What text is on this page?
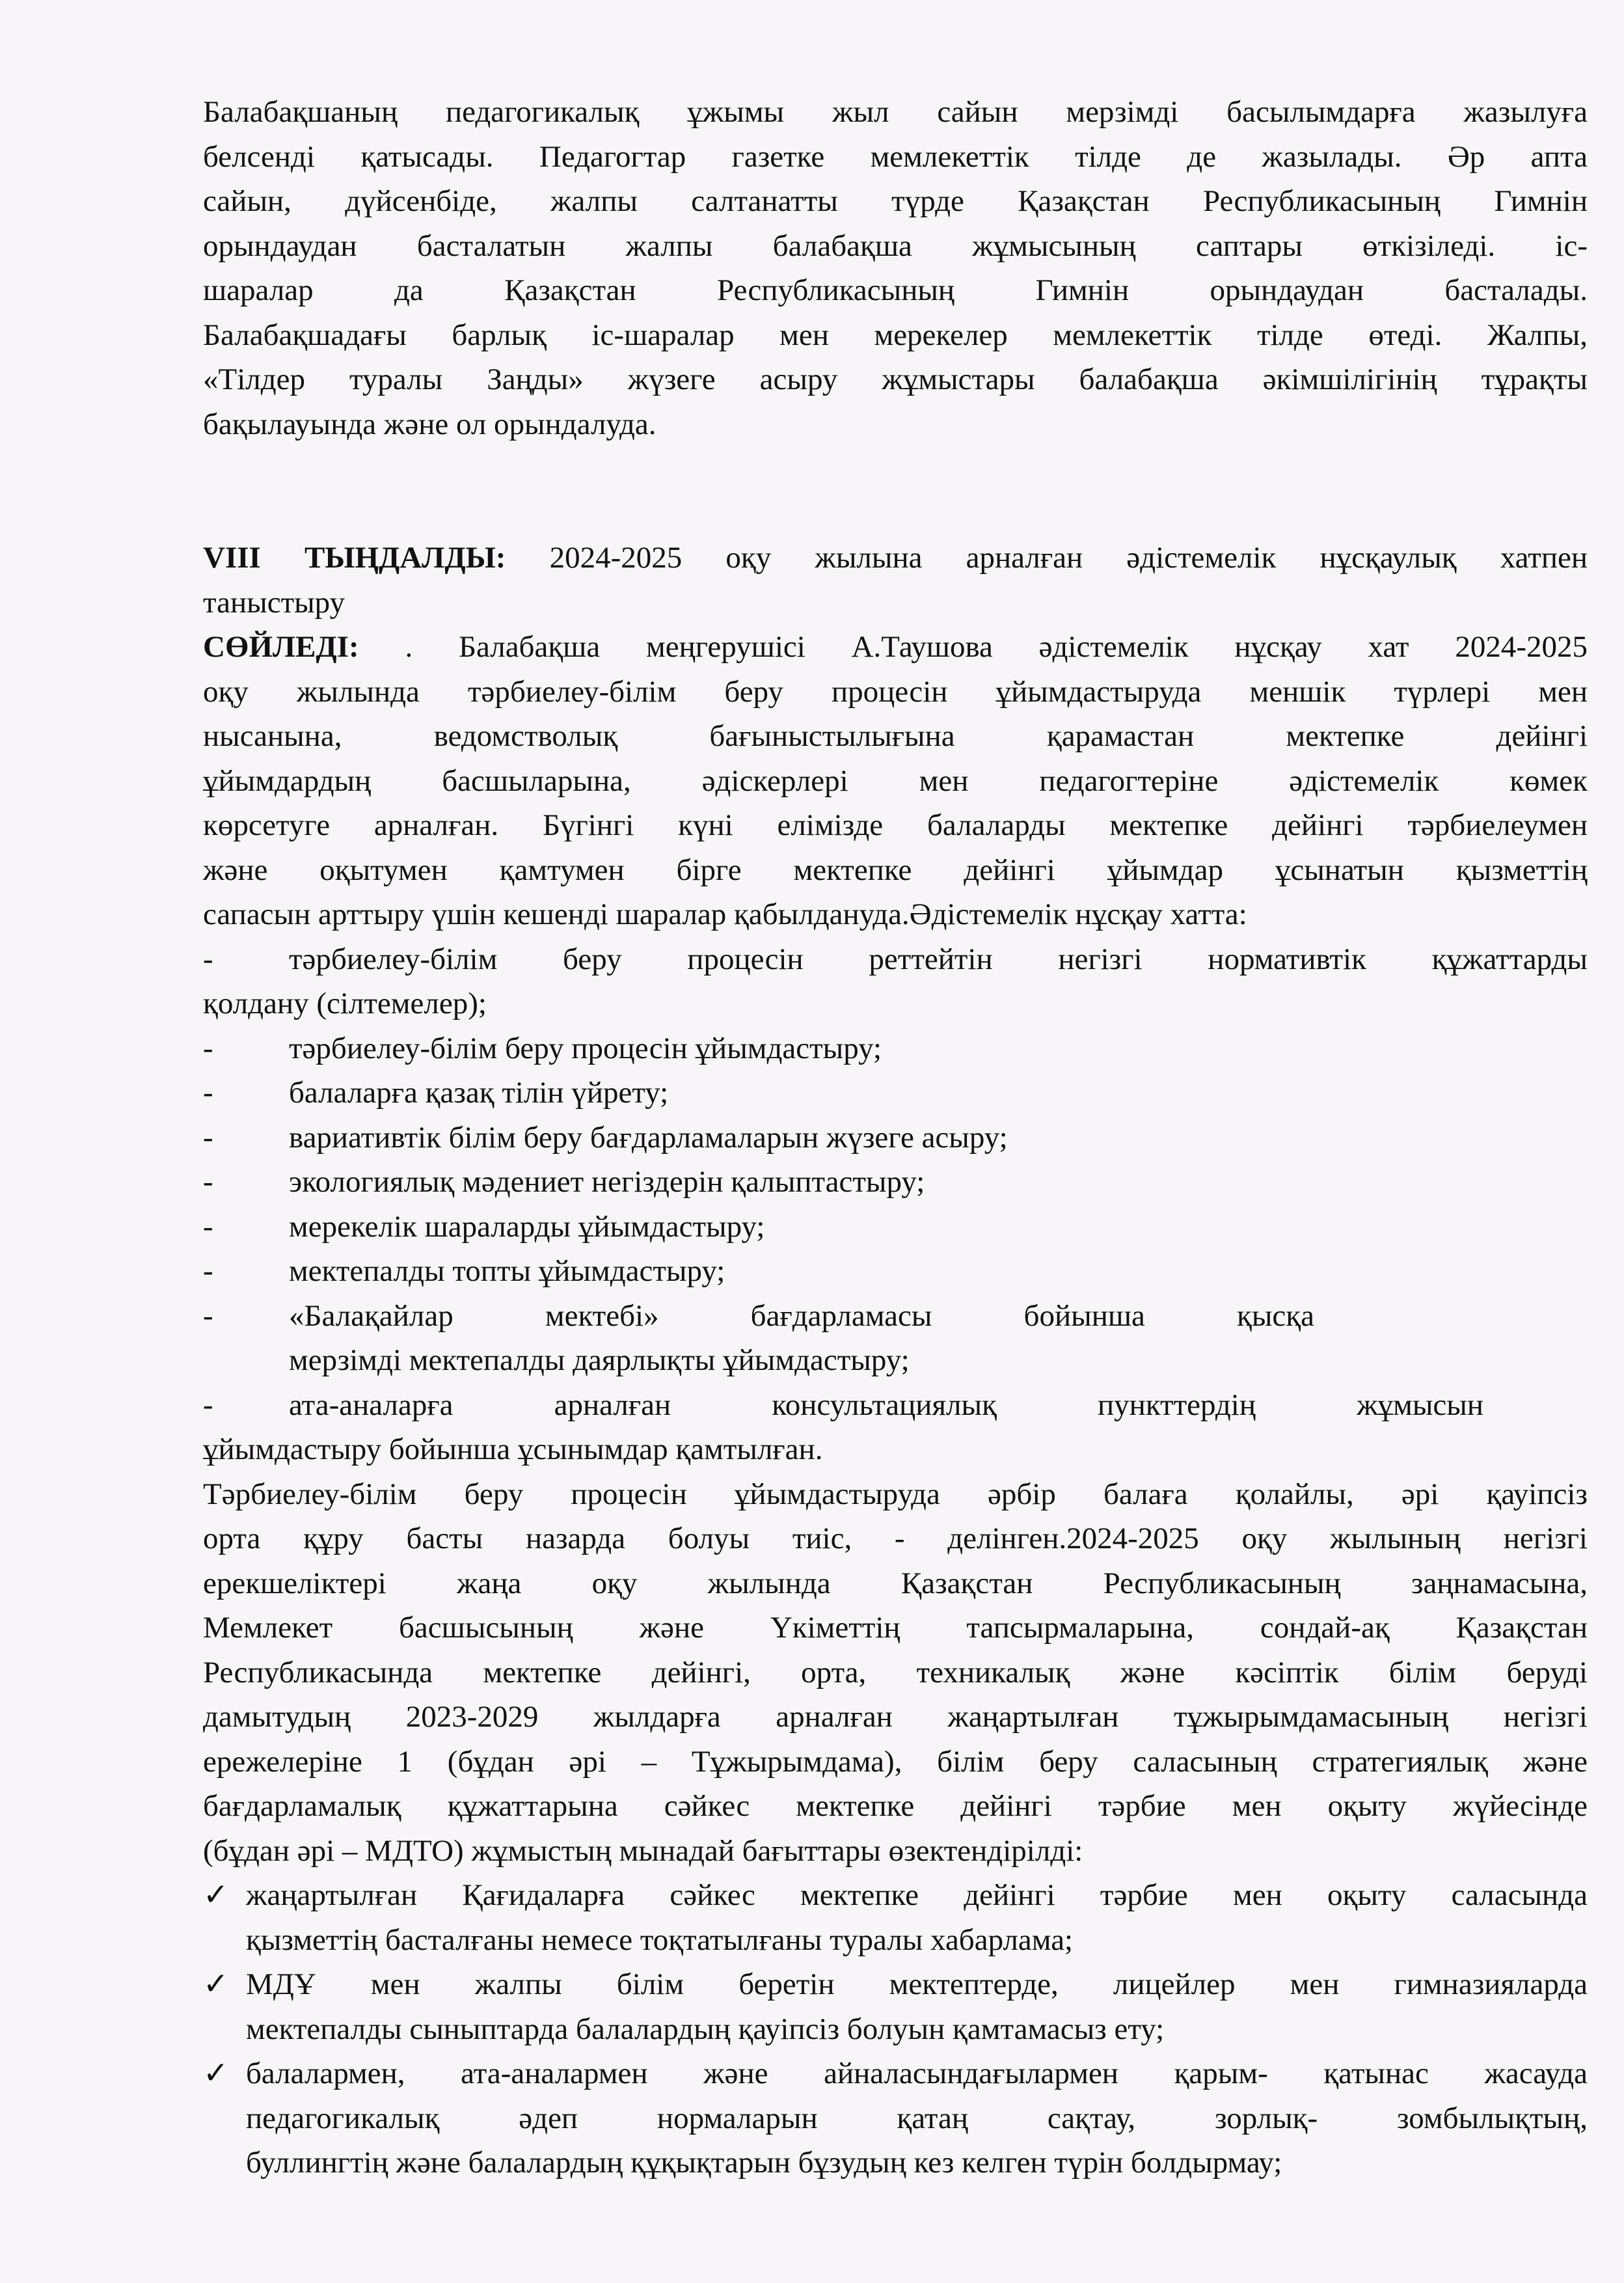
Балабақшаның педагогикалық ұжымы жыл сайын мерзімді басылымдарға жазылуға
белсенді қатысады. Педагогтар газетке мемлекеттік тілде де жазылады. Әр апта
сайын, дүйсенбіде, жалпы салтанатты түрде Қазақстан Республикасының Гимнін
орындаудан басталатын жалпы балабақша жұмысының саптары өткізіледі. іс-
шаралар да Қазақстан Республикасының Гимнін орындаудан басталады.
Балабақшадағы барлық іс-шаралар мен мерекелер мемлекеттік тілде өтеді. Жалпы,
«Тілдер туралы Заңды» жүзеге асыру жұмыстары балабақша әкімшілігінің тұрақты
бақылауында және ол орындалуда.
VIII ТЫҢДАЛДЫ: 2024-2025 оқу жылына арналған әдістемелік нұсқаулық хатпен
таныстыру
СӨЙЛЕДІ: . Балабақша меңгерушісі А.Таушова әдістемелік нұсқау хат 2024-2025
оқу жылында тәрбиелеу-білім беру процесін ұйымдастыруда меншік түрлері мен
нысанына, ведомстволық бағыныстылығына қарамастан мектепке дейінгі
ұйымдардың басшыларына, әдіскерлері мен педагогтеріне әдістемелік көмек
көрсетуге арналған. Бүгінгі күні елімізде балаларды мектепке дейінгі тәрбиелеумен
және оқытумен қамтумен бірге мектепке дейінгі ұйымдар ұсынатын қызметтің
сапасын арттыру үшін кешенді шаралар қабылдануда.Әдістемелік нұсқау хатта:
-	тәрбиелеу-білім беру процесін реттейтін негізгі нормативтік құжаттарды
қолдану (сілтемелер);
-	тәрбиелеу-білім беру процесін ұйымдастыру;
-	балаларға қазақ тілін үйрету;
-	вариативтік білім беру бағдарламаларын жүзеге асыру;
-	экологиялық мәдениет негіздерін қалыптастыру;
-	мерекелік шараларды ұйымдастыру;
-	мектепалды топты ұйымдастыру;
-	«Балақайлар мектебі» бағдарламасы бойынша қысқа
мерзімді мектепалды даярлықты ұйымдастыру;
-	ата-аналарға арналған консультациялық пункттердің жұмысын
ұйымдастыру бойынша ұсынымдар қамтылған.
Тәрбиелеу-білім беру процесін ұйымдастыруда әрбір балаға қолайлы, әрі қауіпсіз
орта құру басты назарда болуы тиіс, - делінген.2024-2025 оқу жылының негізгі
ерекшеліктері жаңа оқу жылында Қазақстан Республикасының заңнамасына,
Мемлекет басшысының және Үкіметтің тапсырмаларына, сондай-ақ Қазақстан
Республикасында мектепке дейінгі, орта, техникалық және кәсіптік білім беруді
дамытудың 2023-2029 жылдарға арналған жаңартылған тұжырымдамасының негізгі
ережелеріне 1 (бұдан әрі – Тұжырымдама), білім беру саласының стратегиялық және
бағдарламалық құжаттарына сәйкес мектепке дейінгі тәрбие мен оқыту жүйесінде
(бұдан әрі – МДТО) жұмыстың мынадай бағыттары өзектендірілді:
✓ жаңартылған Қағидаларға сәйкес мектепке дейінгі тәрбие мен оқыту саласында
қызметтің басталғаны немесе тоқтатылғаны туралы хабарлама;
✓ МДҰ мен жалпы білім беретін мектептерде, лицейлер мен гимназияларда
мектепалды сыныптарда балалардың қауіпсіз болуын қамтамасыз ету;
✓ балалармен, ата-аналармен және айналасындағылармен қарым- қатынас жасауда
педагогикалық әдеп нормаларын қатаң сақтау, зорлық- зомбылықтың,
буллингтің және балалардың құқықтарын бұзудың кез келген түрін болдырмау;
